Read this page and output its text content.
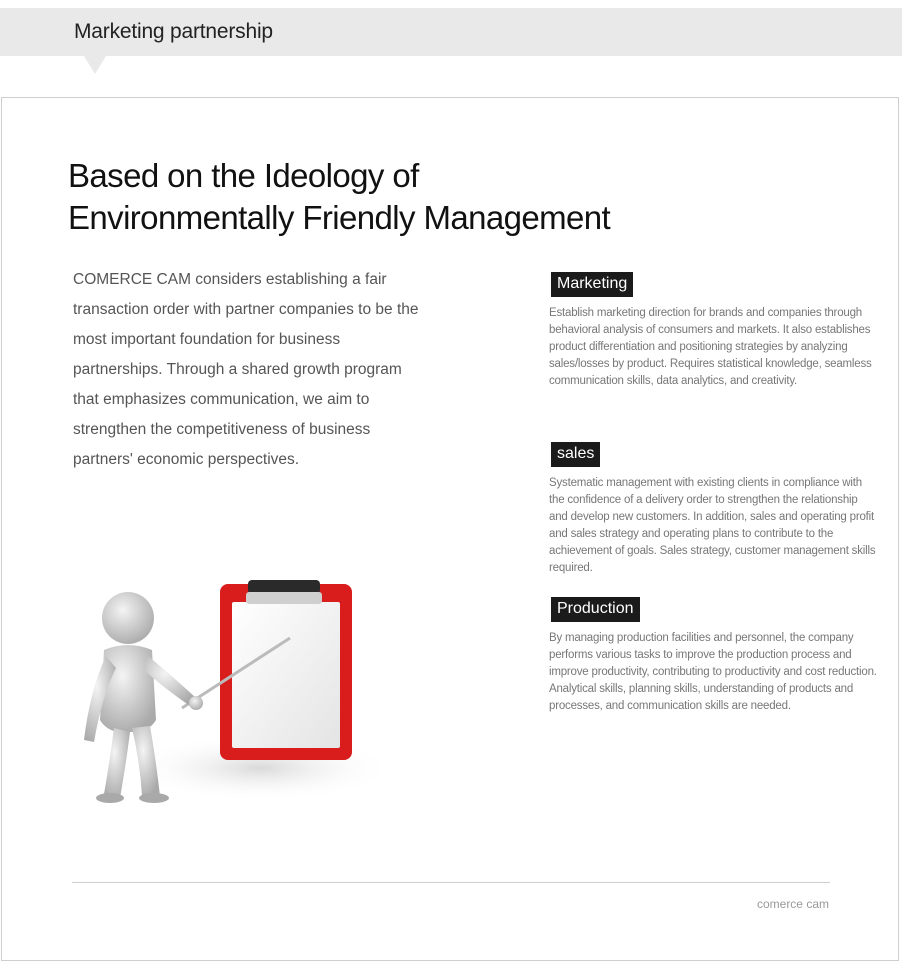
Marketing partnership
Based on the Ideology of
Environmentally Friendly Management

COMERCE CAM considers establishing a fair transaction order with partner companies to be the most important foundation for business partnerships. Through a shared growth program that emphasizes communication, we aim to strengthen the competitiveness of business partners' economic perspectives.

Marketing
Establish marketing direction for brands and companies through behavioral analysis of consumers and markets. It also establishes product differentiation and positioning strategies by analyzing sales/losses by product. Requires statistical knowledge, seamless communication skills, data analytics, and creativity.
sales
Systematic management with existing clients in compliance with the confidence of a delivery order to strengthen the relationship and develop new customers. In addition, sales and operating profit and sales strategy and operating plans to contribute to the achievement of goals. Sales strategy, customer management skills required.
Production
By managing production facilities and personnel, the company performs various tasks to improve the production process and improve productivity, contributing to productivity and cost reduction. Analytical skills, planning skills, understanding of products and processes, and communication skills are needed.
comerce cam
